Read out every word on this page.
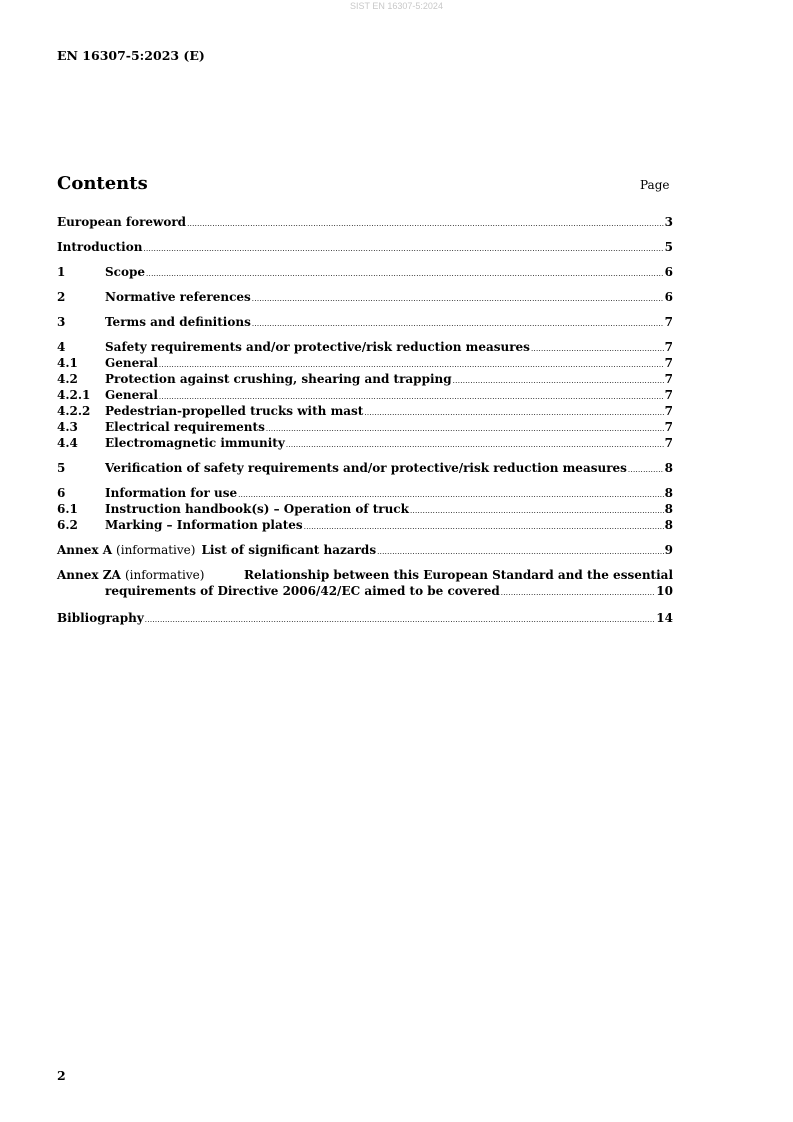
SIST EN 16307-5:2024
EN 16307-5:2023 (E)
Contents	Page
European foreword .....	3
Introduction .....	5
1	Scope .....	6
2	Normative references .....	6
3	Terms and definitions .....	7
4	Safety requirements and/or protective/risk reduction measures .....	7
4.1	General .....	7
4.2	Protection against crushing, shearing and trapping .....	7
4.2.1	General .....	7
4.2.2	Pedestrian-propelled trucks with mast .....	7
4.3	Electrical requirements .....	7
4.4	Electromagnetic immunity .....	7
5	Verification of safety requirements and/or protective/risk reduction measures .....	8
6	Information for use .....	8
6.1	Instruction handbook(s) – Operation of truck .....	8
6.2	Marking – Information plates .....	8
Annex A (informative) List of significant hazards .....	9
Annex ZA (informative)	Relationship between this European Standard and the essential
requirements of Directive 2006/42/EC aimed to be covered .....	10
Bibliography .....	14
2
